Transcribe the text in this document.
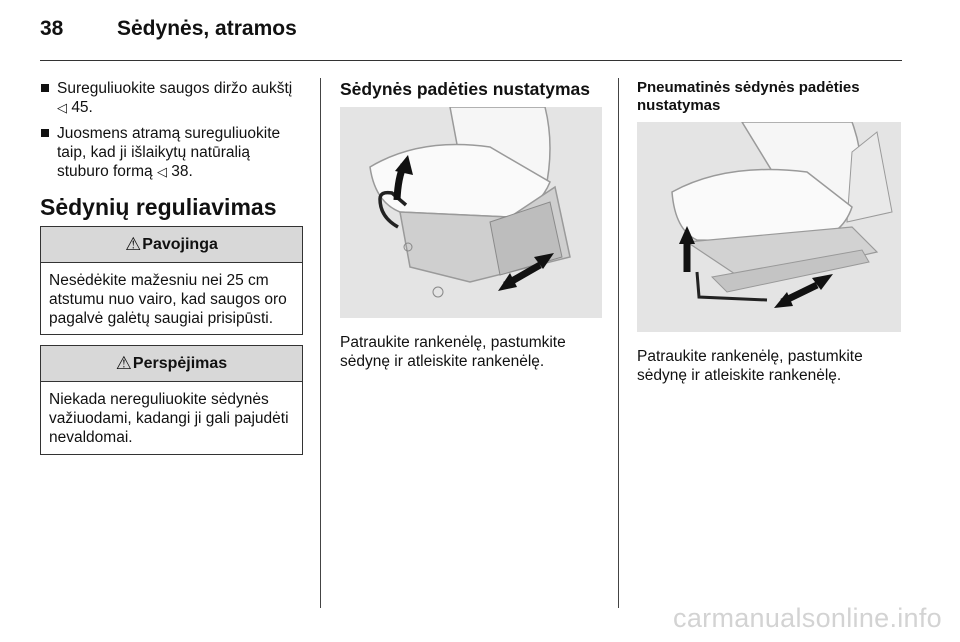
38	Sėdynės, atramos
Sureguliuokite saugos diržo aukštį
◁ 45.
Juosmens atramą sureguliuokite taip, kad ji išlaikytų natūralią stuburo formą ◁ 38.
Sėdynių reguliavimas
⚠ Pavojinga
Nesėdėkite mažesniu nei 25 cm atstumu nuo vairo, kad saugos oro pagalvė galėtų saugiai prisipūsti.
⚠ Perspėjimas
Niekada nereguliuokite sėdynės važiuodami, kadangi ji gali pajudėti nevaldomai.
Sėdynės padėties nustatymas
Patraukite rankenėlę, pastumkite sėdynę ir atleiskite rankenėlę.
Pneumatinės sėdynės padėties nustatymas
Patraukite rankenėlę, pastumkite sėdynę ir atleiskite rankenėlę.
carmanualsonline.info
